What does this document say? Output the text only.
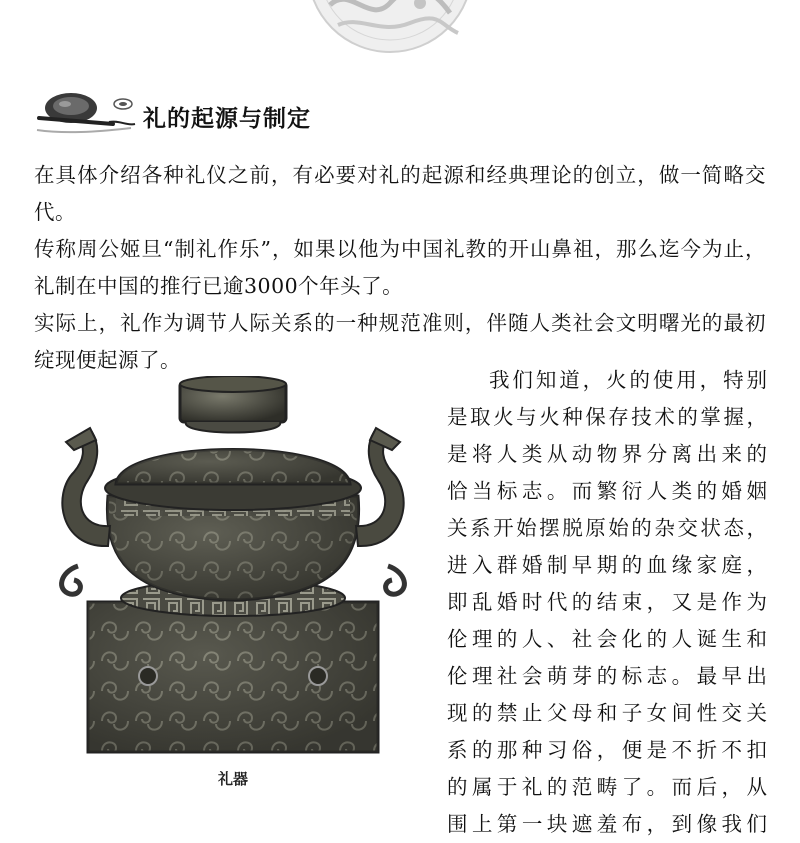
礼的起源与制定

在具体介绍各种礼仪之前，有必要对礼的起源和经典理论的创立，做一简略交代。

传称周公姬旦“制礼作乐”，如果以他为中国礼教的开山鼻祖，那么迄今为止，礼制在中国的推行已逾3000个年头了。

实际上，礼作为调节人际关系的一种规范准则，伴随人类社会文明曙光的最初绽现便起源了。

礼器
我们知道，火的使用，特别
是取火与火种保存技术的掌握，
是将人类从动物界分离出来的
恰当标志。而繁衍人类的婚姻
关系开始摆脱原始的杂交状态，
进入群婚制早期的血缘家庭，
即乱婚时代的结束，又是作为
伦理的人、社会化的人诞生和
伦理社会萌芽的标志。最早出
现的禁止父母和子女间性交关
系的那种习俗，便是不折不扣
的属于礼的范畴了。而后，从
围上第一块遮羞布，到像我们
